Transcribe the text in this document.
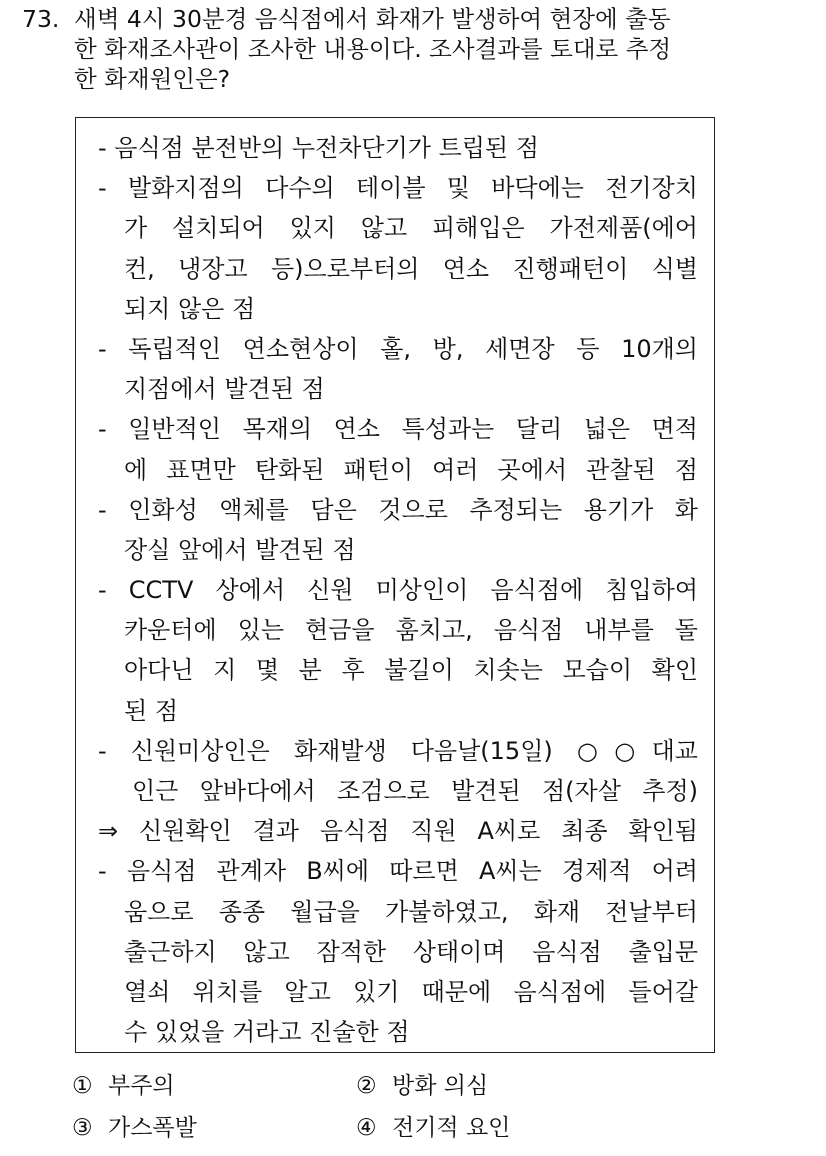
73. 새벽 4시 30분경 음식점에서 화재가 발생하여 현장에 출동
한 화재조사관이 조사한 내용이다. 조사결과를 토대로 추정
한 화재원인은?
- 음식점 분전반의 누전차단기가 트립된 점
- 발화지점의 다수의 테이블 및 바닥에는 전기장치
가 설치되어 있지 않고 피해입은 가전제품(에어
컨, 냉장고 등)으로부터의 연소 진행패턴이 식별
되지 않은 점
- 독립적인 연소현상이 홀, 방, 세면장 등 10개의
지점에서 발견된 점
- 일반적인 목재의 연소 특성과는 달리 넓은 면적
에 표면만 탄화된 패턴이 여러 곳에서 관찰된 점
- 인화성 액체를 담은 것으로 추정되는 용기가 화
장실 앞에서 발견된 점
- CCTV 상에서 신원 미상인이 음식점에 침입하여
카운터에 있는 현금을 훔치고, 음식점 내부를 돌
아다닌 지 몇 분 후 불길이 치솟는 모습이 확인
된 점
- 신원미상인은 화재발생 다음날(15일) ○○대교
인근 앞바다에서 조검으로 발견된 점(자살 추정)
⇒ 신원확인 결과 음식점 직원 A씨로 최종 확인됨
- 음식점 관계자 B씨에 따르면 A씨는 경제적 어려
움으로 종종 월급을 가불하였고, 화재 전날부터
출근하지 않고 잠적한 상태이며 음식점 출입문
열쇠 위치를 알고 있기 때문에 음식점에 들어갈
수 있었을 거라고 진술한 점
① 부주의	② 방화 의심
③ 가스폭발	④ 전기적 요인
